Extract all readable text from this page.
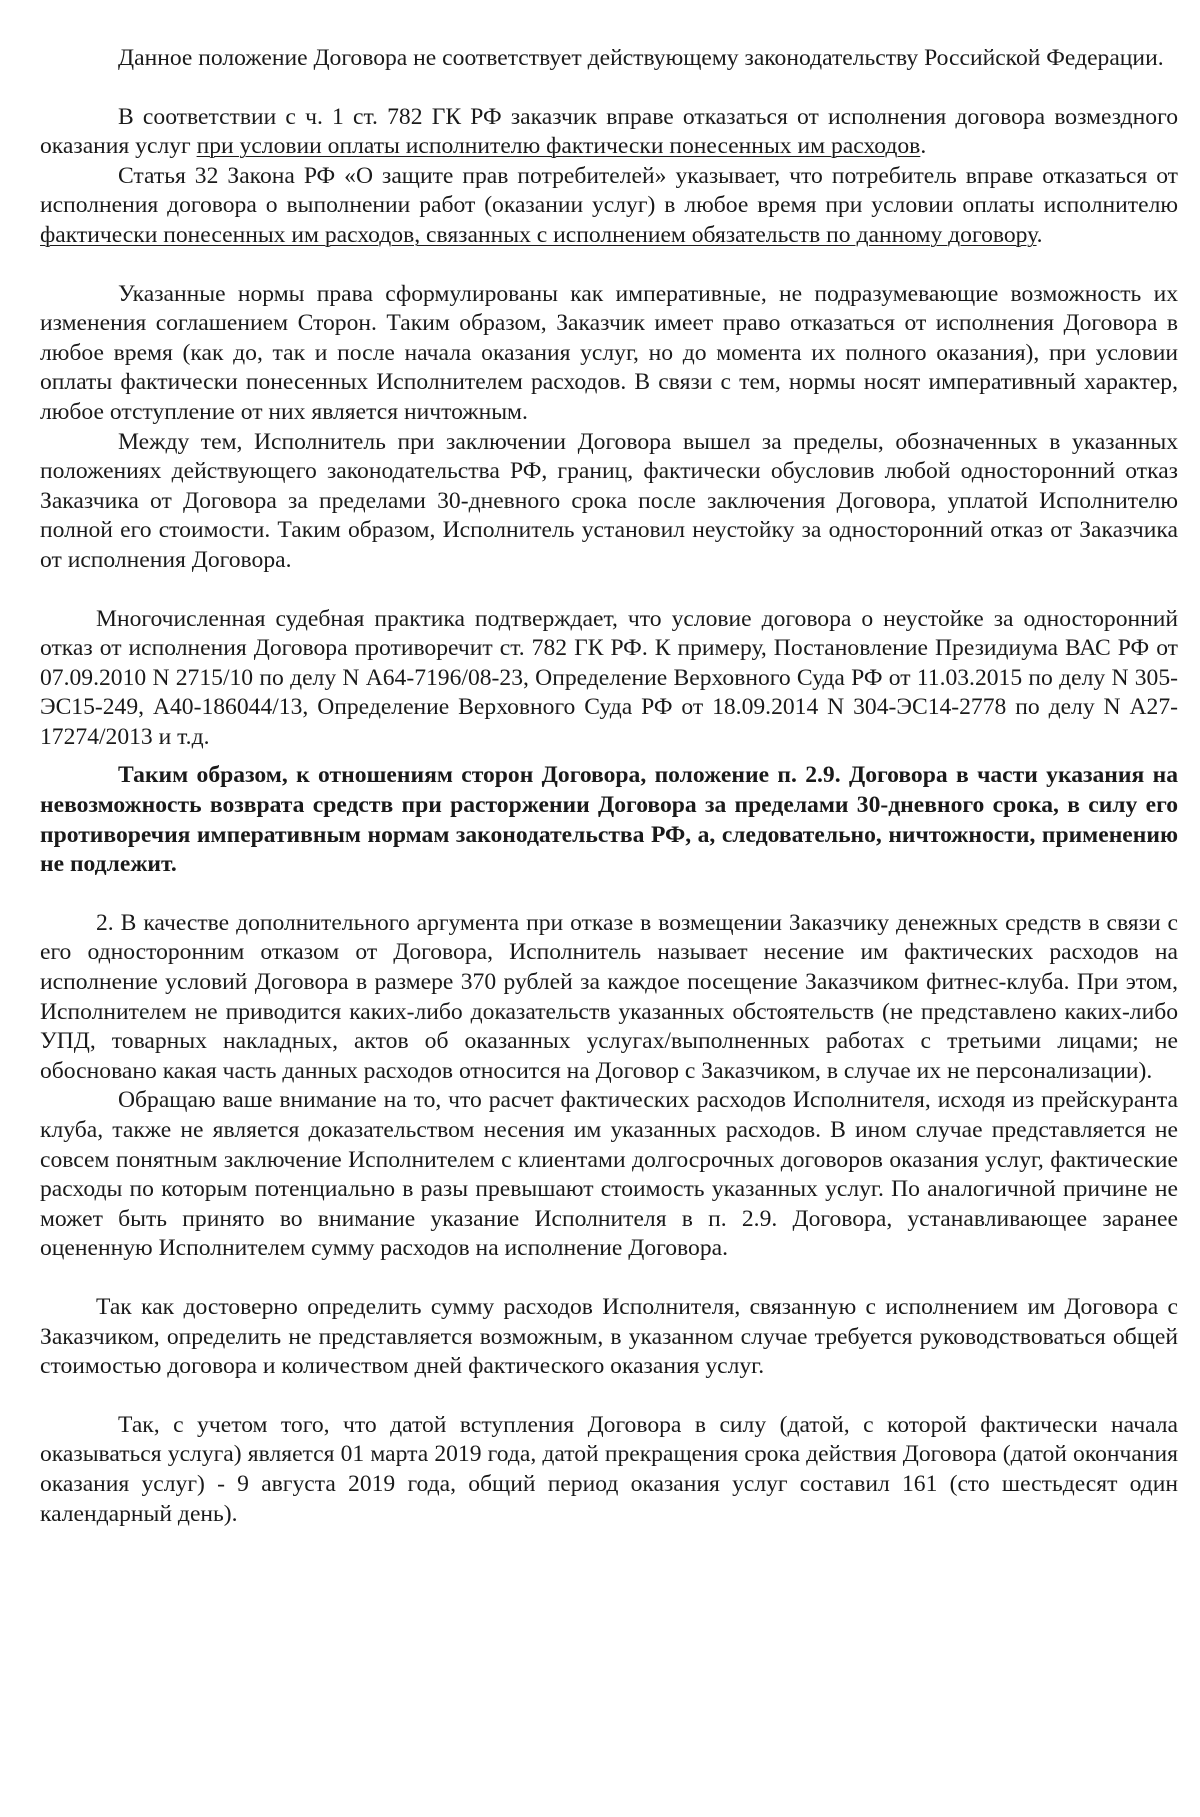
Данное положение Договора не соответствует действующему законодательству Российской Федерации.

В соответствии с ч. 1 ст. 782 ГК РФ заказчик вправе отказаться от исполнения договора возмездного оказания услуг при условии оплаты исполнителю фактически понесенных им расходов.

Статья 32 Закона РФ «О защите прав потребителей» указывает, что потребитель вправе отказаться от исполнения договора о выполнении работ (оказании услуг) в любое время при условии оплаты исполнителю фактически понесенных им расходов, связанных с исполнением обязательств по данному договору.

Указанные нормы права сформулированы как императивные, не подразумевающие возможность их изменения соглашением Сторон. Таким образом, Заказчик имеет право отказаться от исполнения Договора в любое время (как до, так и после начала оказания услуг, но до момента их полного оказания), при условии оплаты фактически понесенных Исполнителем расходов. В связи с тем, нормы носят императивный характер, любое отступление от них является ничтожным.

Между тем, Исполнитель при заключении Договора вышел за пределы, обозначенных в указанных положениях действующего законодательства РФ, границ, фактически обусловив любой односторонний отказ Заказчика от Договора за пределами 30-дневного срока после заключения Договора, уплатой Исполнителю полной его стоимости. Таким образом, Исполнитель установил неустойку за односторонний отказ от Заказчика от исполнения Договора.

Многочисленная судебная практика подтверждает, что условие договора о неустойке за односторонний отказ от исполнения Договора противоречит ст. 782 ГК РФ. К примеру, Постановление Президиума ВАС РФ от 07.09.2010 N 2715/10 по делу N А64-7196/08-23, Определение Верховного Суда РФ от 11.03.2015 по делу N 305-ЭС15-249, А40-186044/13, Определение Верховного Суда РФ от 18.09.2014 N 304-ЭС14-2778 по делу N А27-17274/2013 и т.д.

Таким образом, к отношениям сторон Договора, положение п. 2.9. Договора в части указания на невозможность возврата средств при расторжении Договора за пределами 30-дневного срока, в силу его противоречия императивным нормам законодательства РФ, а, следовательно, ничтожности, применению не подлежит.

2. В качестве дополнительного аргумента при отказе в возмещении Заказчику денежных средств в связи с его односторонним отказом от Договора, Исполнитель называет несение им фактических расходов на исполнение условий Договора в размере 370 рублей за каждое посещение Заказчиком фитнес-клуба. При этом, Исполнителем не приводится каких-либо доказательств указанных обстоятельств (не представлено каких-либо УПД, товарных накладных, актов об оказанных услугах/выполненных работах с третьими лицами; не обосновано какая часть данных расходов относится на Договор с Заказчиком, в случае их не персонализации).

Обращаю ваше внимание на то, что расчет фактических расходов Исполнителя, исходя из прейскуранта клуба, также не является доказательством несения им указанных расходов. В ином случае представляется не совсем понятным заключение Исполнителем с клиентами долгосрочных договоров оказания услуг, фактические расходы по которым потенциально в разы превышают стоимость указанных услуг. По аналогичной причине не может быть принято во внимание указание Исполнителя в п. 2.9. Договора, устанавливающее заранее оцененную Исполнителем сумму расходов на исполнение Договора.

Так как достоверно определить сумму расходов Исполнителя, связанную с исполнением им Договора с Заказчиком, определить не представляется возможным, в указанном случае требуется руководствоваться общей стоимостью договора и количеством дней фактического оказания услуг.

Так, с учетом того, что датой вступления Договора в силу (датой, с которой фактически начала оказываться услуга) является 01 марта 2019 года, датой прекращения срока действия Договора (датой окончания оказания услуг) - 9 августа 2019 года, общий период оказания услуг составил 161 (сто шестьдесят один календарный день).
